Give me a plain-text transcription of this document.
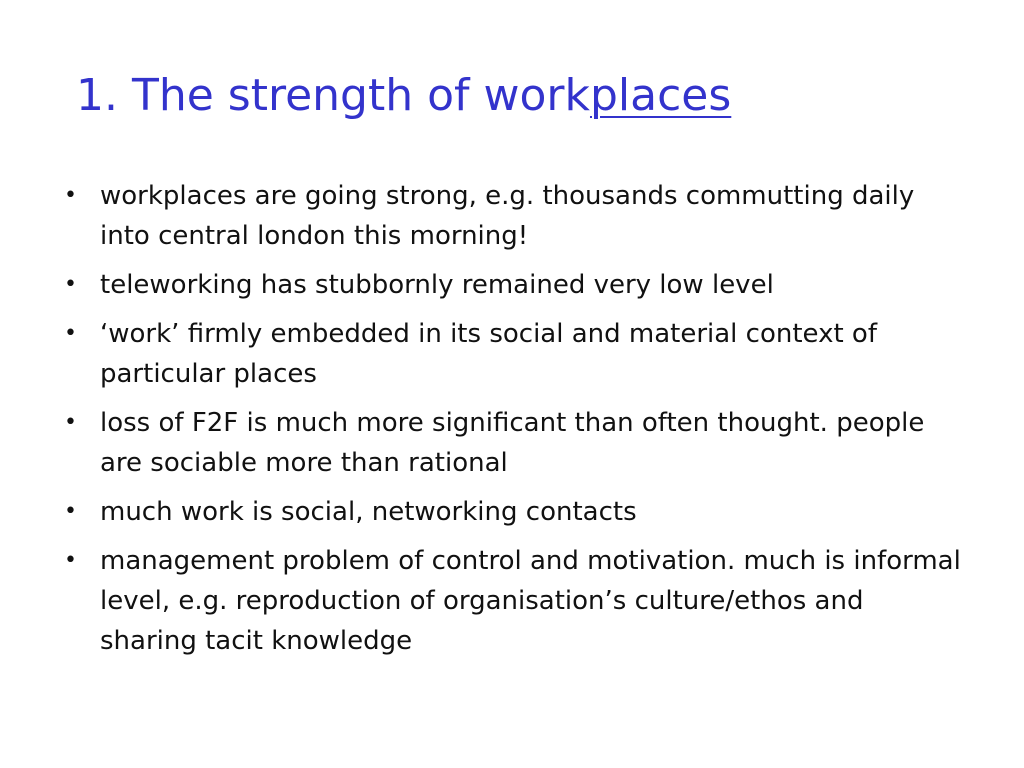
1. The strength of workplaces
• workplaces are going strong, e.g. thousands commutting daily into central london this morning!
• teleworking has stubbornly remained very low level
• ‘work’ firmly embedded in its social and material context of particular places
• loss of F2F is much more significant than often thought. people are sociable more than rational
• much work is social, networking contacts
• management problem of control and motivation. much is informal level, e.g. reproduction of organisation’s culture/ethos and sharing tacit knowledge
